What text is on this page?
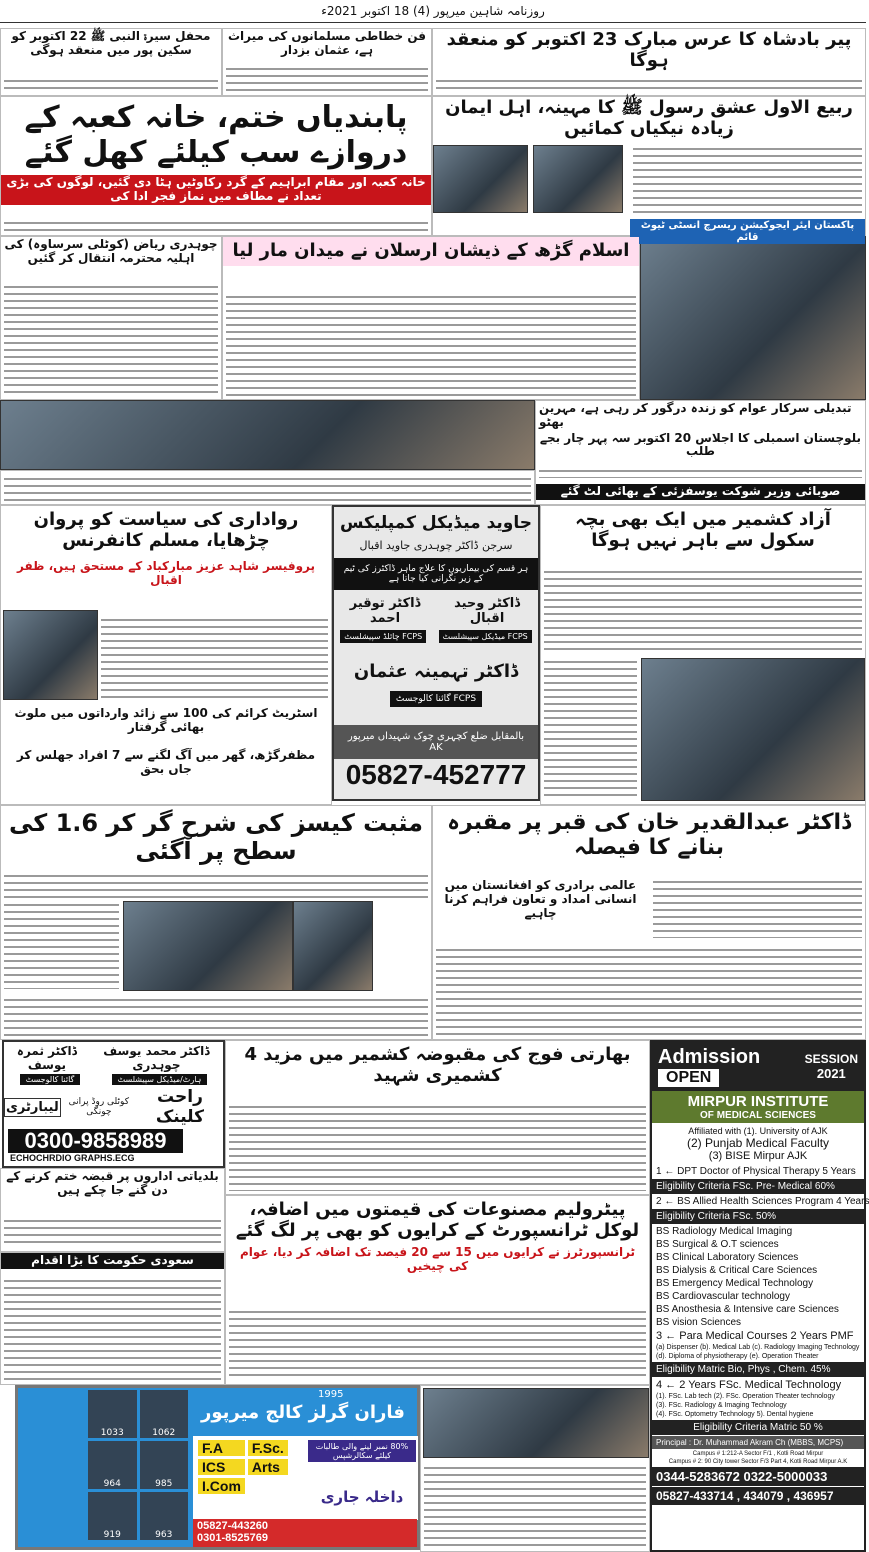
روزنامہ شاہین میرپور (4) 18 اکتوبر 2021ء
محفل سیرۃ النبی ﷺ 22 اکتوبر کو سکین پور میں منعقد ہوگی
فن خطاطی مسلمانوں کی میراث ہے، عثمان بزدار	پیر بادشاہ کا عرس مبارک 23 اکتوبر کو منعقد ہوگا
پابندیاں ختم، خانہ کعبہ کے دروازے سب کیلئے کھل گئے
خانہ کعبہ اور مقام ابراہیم کے گرد رکاوٹیں ہٹا دی گئیں، لوگوں کی بڑی تعداد نے مطاف میں نماز فجر ادا کی
ربیع الاول عشق رسول ﷺ کا مہینہ، اہل ایمان زیادہ نیکیاں کمائیں
پاکستان ایئر ایجوکیشن ریسرچ انسٹی ٹیوٹ قائم
چوہدری ریاض (کوٹلی سرساوہ) کی اہلیہ محترمہ انتقال کر گئیں	اسلام گڑھ کے ذیشان ارسلان نے میدان مار لیا
تبدیلی سرکار عوام کو زندہ درگور کر رہی ہے، مہرین بھٹو
بلوچستان اسمبلی کا اجلاس 20 اکتوبر سہ پہر چار بجے طلب
صوبائی وزیر شوکت یوسفزئی کے بھائی لٹ گئے
رواداری کی سیاست کو پروان چڑھایا، مسلم کانفرنس
پروفیسر شاہد عزیز مبارکباد کے مستحق ہیں، ظفر اقبال
اسٹریٹ کرائم کی 100 سے زائد وارداتوں میں ملوث بھائی گرفتار
مظفرگڑھ، گھر میں آگ لگنے سے 7 افراد جھلس کر جاں بحق
جاوید میڈیکل کمپلیکس
سرجن ڈاکٹر چوہدری جاوید اقبال
ہر قسم کی بیماریوں کا علاج ماہر ڈاکٹرز کی ٹیم کے زیر نگرانی کیا جاتا ہے
ڈاکٹر وحید اقبال
ڈاکٹر توقیر احمد
FCPS میڈیکل سپیشلسٹ
FCPS چائلڈ سپیشلسٹ
ڈاکٹر تہمینہ عثمان
FCPS گائنا کالوجسٹ
بالمقابل ضلع کچہری چوک شہیداں میرپور AK
05827-452777
آزاد کشمیر میں ایک بھی بچہ سکول سے باہر نہیں ہوگا
مثبت کیسز کی شرح گر کر 1.6 کی سطح پر آگئی
ڈاکٹر عبدالقدیر خان کی قبر پر مقبرہ بنانے کا فیصلہ
عالمی برادری کو افغانستان میں انسانی امداد و تعاون فراہم کرنا چاہیے
ڈاکٹر محمد یوسف چوہدری
ڈاکٹر ثمرہ یوسف
ہارٹ/میڈیکل سپیشلسٹ
گائنا کالوجسٹ
راحت کلینک
کوٹلی روڈ پرانی چونگی
لیبارٹری
0300-9858989
ECHOCHRDIO GRAPHS.ECG
بلدیاتی اداروں پر قبضہ ختم کرنے کے دن گنے جا چکے ہیں
سعودی حکومت کا بڑا اقدام
بھارتی فوج کی مقبوضہ کشمیر میں مزید 4 کشمیری شہید
پیٹرولیم مصنوعات کی قیمتوں میں اضافہ، لوکل ٹرانسپورٹ کے کرایوں کو بھی پر لگ گئے
ٹرانسپورٹرز نے کرایوں میں 15 سے 20 فیصد تک اضافہ کر دیا، عوام کی چیخیں
1033	1062
964	985
919	963
1995
فاران گرلز کالج میرپور
F.A	F.Sc.
ICS	Arts
I.Com
80% نمبر لینے والی طالبات کیلئے سکالرشپس
داخلہ جاری
05827-443260
0301-8525769
Admission
OPEN
SESSION
2021
MIRPUR INSTITUTE
OF MEDICAL SCIENCES
Affiliated with (1). University of AJK
(2) Punjab Medical Faculty
(3) BISE Mirpur AJK
1 ← DPT Doctor of Physical Therapy 5 Years
Eligibility Criteria FSc. Pre- Medical 60%
2 ← BS Allied Health Sciences Program 4 Years
Eligibility Criteria FSc. 50%
BS Radiology Medical Imaging
BS Surgical & O.T sciences
BS Clinical Laboratory Sciences
BS Dialysis & Critical Care Sciences
BS Emergency Medical Technology
BS Cardiovascular technology
BS Anosthesia & Intensive care Sciences
BS vision Sciences
3 ← Para Medical Courses 2 Years PMF
(a) Dispenser (b). Medical Lab (c). Radiology Imaging Technology
(d). Diploma of physiotherapy (e). Operation Theater
Eligibility Matric Bio, Phys , Chem. 45%
4 ← 2 Years FSc. Medical Technology
(1). FSc. Lab tech (2). FSc. Operation Theater technology
(3). FSc. Radiology & Imaging Technology
(4). FSc. Optometry Technology 5). Dental hygiene
Eligibility Criteria Matric 50 %
Principal : Dr. Muhammad Akram Ch (MBBS, MCPS)
Campus # 1:212-A Sector F/1 , Kotli Road Mirpur
Campus # 2: 90 City tower Sector F/3 Part 4, Kotli Road Mirpur A.K
0344-5283672 0322-5000033
05827-433714 , 434079 , 436957
